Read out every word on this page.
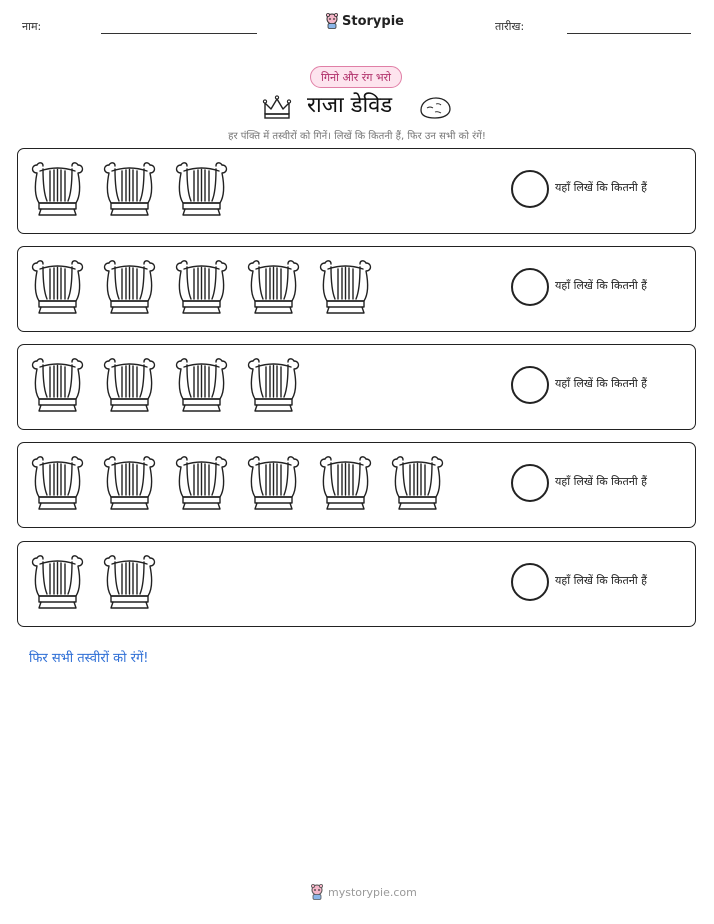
नाम:	Storypie	तारीख:
गिनो और रंग भरो
राजा डेविड
हर पंक्ति में तस्वीरों को गिनें। लिखें कि कितनी हैं, फिर उन सभी को रंगें!
यहाँ लिखें कि कितनी हैं
यहाँ लिखें कि कितनी हैं
यहाँ लिखें कि कितनी हैं
यहाँ लिखें कि कितनी हैं
यहाँ लिखें कि कितनी हैं
फिर सभी तस्वीरों को रंगें!
mystorypie.com
